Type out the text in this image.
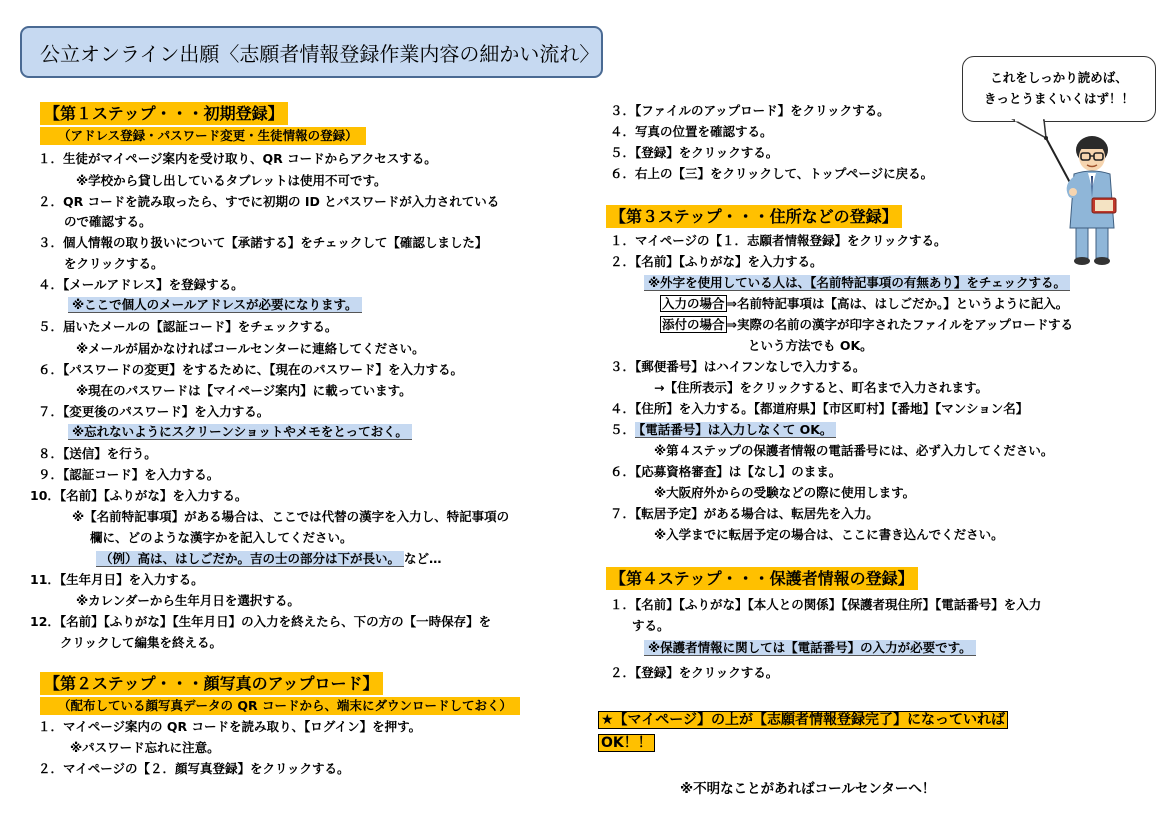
公立オンライン出願〈志願者情報登録作業内容の細かい流れ〉
【第１ステップ・・・初期登録】
（アドレス登録・パスワード変更・生徒情報の登録）
１．生徒がマイページ案内を受け取り、QR コードからアクセスする。
※学校から貸し出しているタブレットは使用不可です。
２．QR コードを読み取ったら、すでに初期の ID とパスワードが入力されている
ので確認する。
３．個人情報の取り扱いについて【承諾する】をチェックして【確認しました】
をクリックする。
４．【メールアドレス】を登録する。
※ここで個人のメールアドレスが必要になります。
５．届いたメールの【認証コード】をチェックする。
※メールが届かなければコールセンターに連絡してください。
６．【パスワードの変更】をするために、【現在のパスワード】を入力する。
※現在のパスワードは【マイページ案内】に載っています。
７．【変更後のパスワード】を入力する。
※忘れないようにスクリーンショットやメモをとっておく。
８．【送信】を行う。
９．【認証コード】を入力する。
10．【名前】【ふりがな】を入力する。
※【名前特記事項】がある場合は、ここでは代替の漢字を入力し、特記事項の
欄に、どのような漢字かを記入してください。
（例）高は、はしごだか。吉の士の部分は下が長い。 など…
11．【生年月日】を入力する。
※カレンダーから生年月日を選択する。
12．【名前】【ふりがな】【生年月日】の入力を終えたら、下の方の【一時保存】を
クリックして編集を終える。
【第２ステップ・・・顔写真のアップロード】
（配布している顔写真データの QR コードから、端末にダウンロードしておく）
１．マイページ案内の QR コードを読み取り、【ログイン】を押す。
※パスワード忘れに注意。
２．マイページの【２．顔写真登録】をクリックする。
３．【ファイルのアップロード】をクリックする。
４．写真の位置を確認する。
５．【登録】をクリックする。
６．右上の【三】をクリックして、トップページに戻る。
【第３ステップ・・・住所などの登録】
１．マイページの【１．志願者情報登録】をクリックする。
２．【名前】【ふりがな】を入力する。
※外字を使用している人は、【名前特記事項の有無あり】をチェックする。
入力の場合 ⇒名前特記事項は【高は、はしごだか。】というように記入。
添付の場合 ⇒実際の名前の漢字が印字されたファイルをアップロードする
という方法でも OK。
３．【郵便番号】はハイフンなしで入力する。
→【住所表示】をクリックすると、町名まで入力されます。
４．【住所】を入力する。【都道府県】【市区町村】【番地】【マンション名】
５． 【電話番号】は入力しなくて OK。
※第４ステップの保護者情報の電話番号には、必ず入力してください。
６．【応募資格審査】は【なし】のまま。
※大阪府外からの受験などの際に使用します。
７．【転居予定】がある場合は、転居先を入力。
※入学までに転居予定の場合は、ここに書き込んでください。
【第４ステップ・・・保護者情報の登録】
１．【名前】【ふりがな】【本人との関係】【保護者現住所】【電話番号】を入力
する。
※保護者情報に関しては【電話番号】の入力が必要です。
２．【登録】をクリックする。
★【マイページ】の上が【志願者情報登録完了】になっていれば
OK！！
※不明なことがあればコールセンターへ！
これをしっかり読めば、
きっとうまくいくはず！！
